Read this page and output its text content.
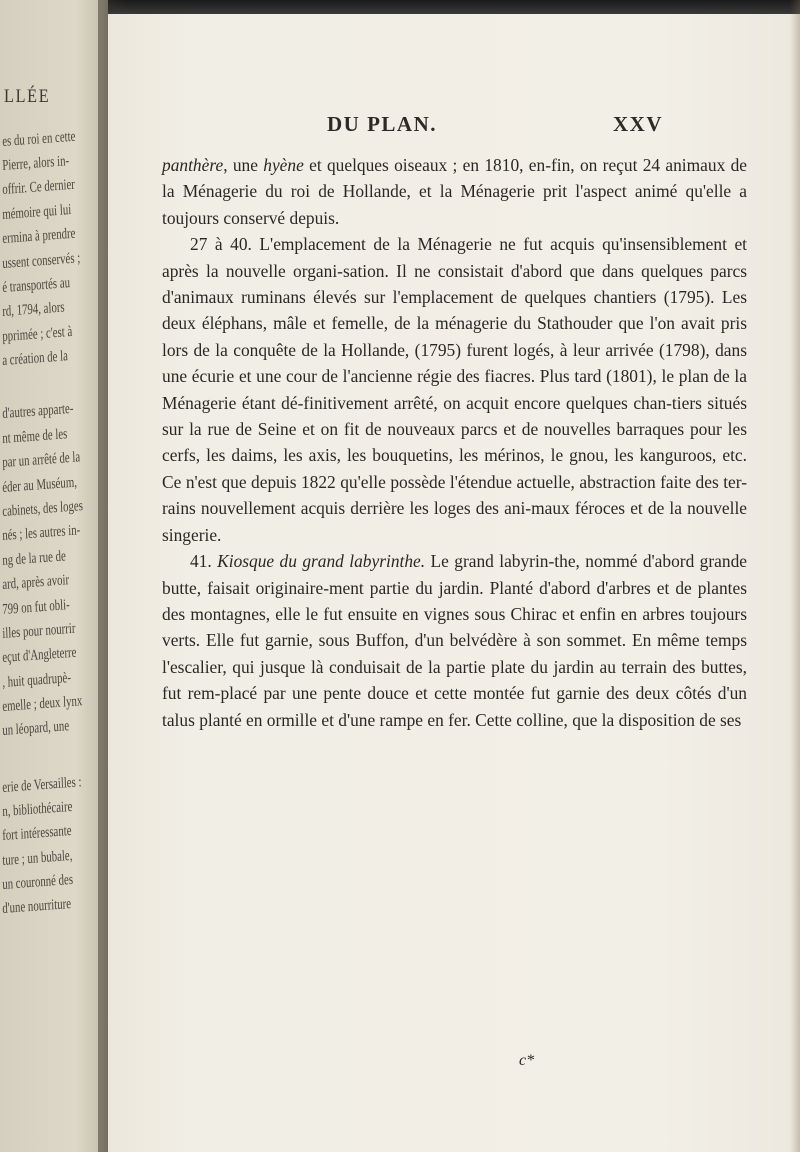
LLÉE
es du roi en cette
Pierre, alors in-
offrir. Ce dernier
mémoire qui lui
ermina à prendre
ussent conservés ;
é transportés au
rd, 1794, alors
pprimée ; c'est à
a création de la
d'autres apparte-
nt même de les
par un arrêté de la
éder au Muséum,
cabinets, des loges
nés ; les autres in-
ng de la rue de
ard, après avoir
799 on fut obli-
illes pour nourrir
eçut d'Angleterre
, huit quadrupè-
emelle ; deux lynx
un léopard, une
erie de Versailles :
n, bibliothécaire
fort intéressante
ture ; un bubale,
un couronné des
d'une nourriture
DU PLAN.	XXV

panthère, une hyène et quelques oiseaux ; en 1810, en-fin, on reçut 24 animaux de la Ménagerie du roi de Hollande, et la Ménagerie prit l'aspect animé qu'elle a toujours conservé depuis.

27 à 40. L'emplacement de la Ménagerie ne fut acquis qu'insensiblement et après la nouvelle organi-sation. Il ne consistait d'abord que dans quelques parcs d'animaux ruminans élevés sur l'emplacement de quelques chantiers (1795). Les deux éléphans, mâle et femelle, de la ménagerie du Stathouder que l'on avait pris lors de la conquête de la Hollande, (1795) furent logés, à leur arrivée (1798), dans une écurie et une cour de l'ancienne régie des fiacres. Plus tard (1801), le plan de la Ménagerie étant dé-finitivement arrêté, on acquit encore quelques chan-tiers situés sur la rue de Seine et on fit de nouveaux parcs et de nouvelles barraques pour les cerfs, les daims, les axis, les bouquetins, les mérinos, le gnou, les kanguroos, etc. Ce n'est que depuis 1822 qu'elle possède l'étendue actuelle, abstraction faite des ter-rains nouvellement acquis derrière les loges des ani-maux féroces et de la nouvelle singerie.

41. Kiosque du grand labyrinthe. Le grand labyrin-the, nommé d'abord grande butte, faisait originaire-ment partie du jardin. Planté d'abord d'arbres et de plantes des montagnes, elle le fut ensuite en vignes sous Chirac et enfin en arbres toujours verts. Elle fut garnie, sous Buffon, d'un belvédère à son sommet. En même temps l'escalier, qui jusque là conduisait de la partie plate du jardin au terrain des buttes, fut rem-placé par une pente douce et cette montée fut garnie des deux côtés d'un talus planté en ormille et d'une rampe en fer. Cette colline, que la disposition de ses

c*
